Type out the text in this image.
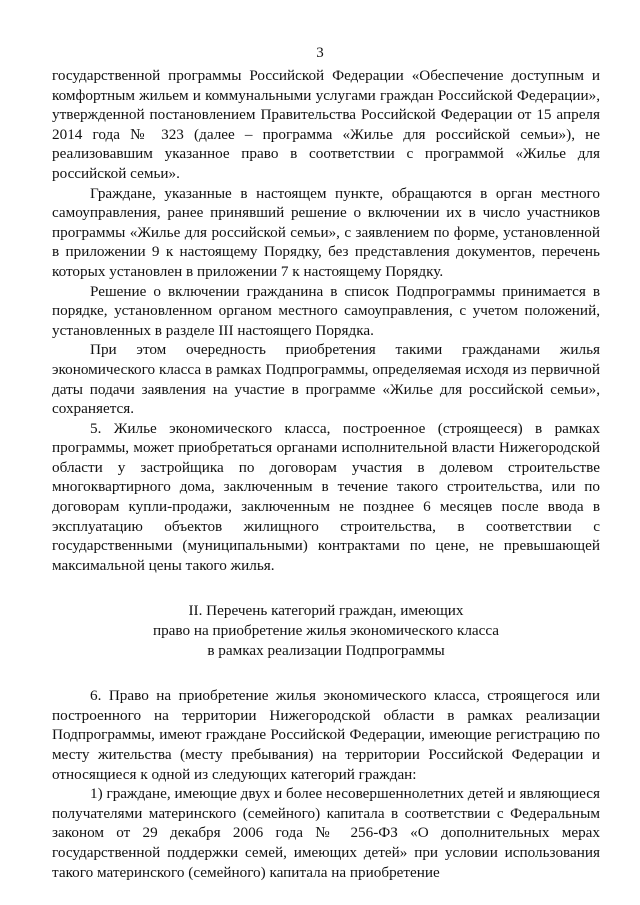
3

государственной программы Российской Федерации «Обеспечение доступным и комфортным жильем и коммунальными услугами граждан Российской Федерации», утвержденной постановлением Правительства Российской Федерации от 15 апреля 2014 года № 323 (далее – программа «Жилье для российской семьи»), не реализовавшим указанное право в соответствии с программой «Жилье для российской семьи».

Граждане, указанные в настоящем пункте, обращаются в орган местного самоуправления, ранее принявший решение о включении их в число участников программы «Жилье для российской семьи», с заявлением по форме, установленной в приложении 9 к настоящему Порядку, без представления документов, перечень которых установлен в приложении 7 к настоящему Порядку.

Решение о включении гражданина в список Подпрограммы принимается в порядке, установленном органом местного самоуправления, с учетом положений, установленных в разделе III настоящего Порядка.

При этом очередность приобретения такими гражданами жилья экономического класса в рамках Подпрограммы, определяемая исходя из первичной даты подачи заявления на участие в программе «Жилье для российской семьи», сохраняется.

5. Жилье экономического класса, построенное (строящееся) в рамках программы, может приобретаться органами исполнительной власти Нижегородской области у застройщика по договорам участия в долевом строительстве многоквартирного дома, заключенным в течение такого строительства, или по договорам купли-продажи, заключенным не позднее 6 месяцев после ввода в эксплуатацию объектов жилищного строительства, в соответствии с государственными (муниципальными) контрактами по цене, не превышающей максимальной цены такого жилья.

II. Перечень категорий граждан, имеющих
право на приобретение жилья экономического класса
в рамках реализации Подпрограммы

6. Право на приобретение жилья экономического класса, строящегося или построенного на территории Нижегородской области в рамках реализации Подпрограммы, имеют граждане Российской Федерации, имеющие регистрацию по месту жительства (месту пребывания) на территории Российской Федерации и относящиеся к одной из следующих категорий граждан:

1) граждане, имеющие двух и более несовершеннолетних детей и являющиеся получателями материнского (семейного) капитала в соответствии с Федеральным законом от 29 декабря 2006 года № 256-ФЗ «О дополнительных мерах государственной поддержки семей, имеющих детей» при условии использования такого материнского (семейного) капитала на приобретение
